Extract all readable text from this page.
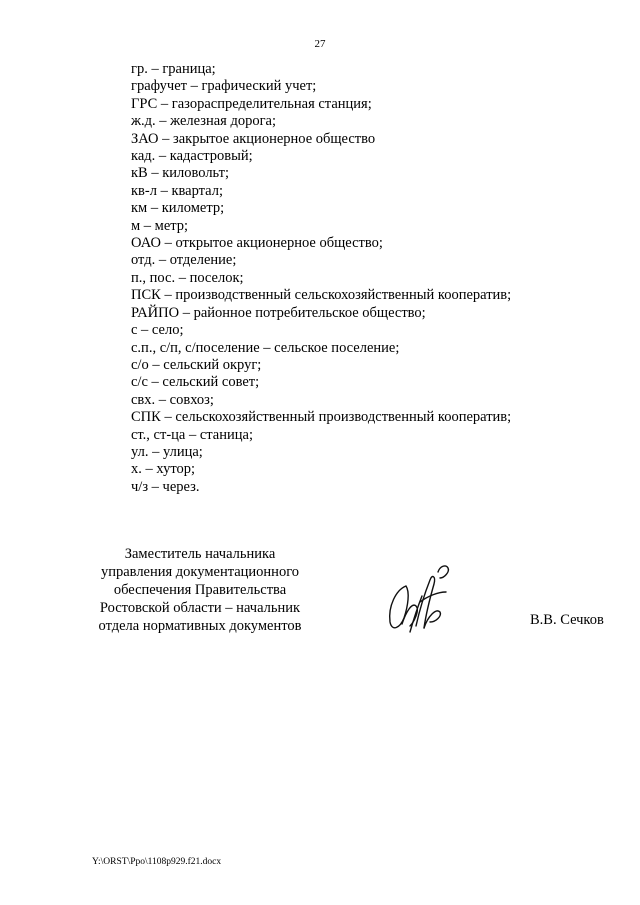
27
гр. – граница;
графучет – графический учет;
ГРС – газораспределительная станция;
ж.д. – железная дорога;
ЗАО – закрытое акционерное общество
кад. – кадастровый;
кВ – киловольт;
кв-л – квартал;
км – километр;
м – метр;
ОАО – открытое акционерное общество;
отд. – отделение;
п., пос. – поселок;
ПСК – производственный сельскохозяйственный кооператив;
РАЙПО – районное потребительское общество;
с – село;
с.п., с/п, с/поселение – сельское поселение;
с/о – сельский округ;
с/с – сельский совет;
свх. – совхоз;
СПК – сельскохозяйственный производственный кооператив;
ст., ст-ца – станица;
ул. – улица;
х. – хутор;
ч/з – через.
Заместитель начальника
управления документационного
обеспечения Правительства
Ростовской области – начальник
отдела нормативных документов	В.В. Сечков
Y:\ORST\Ppo\1108p929.f21.docx
